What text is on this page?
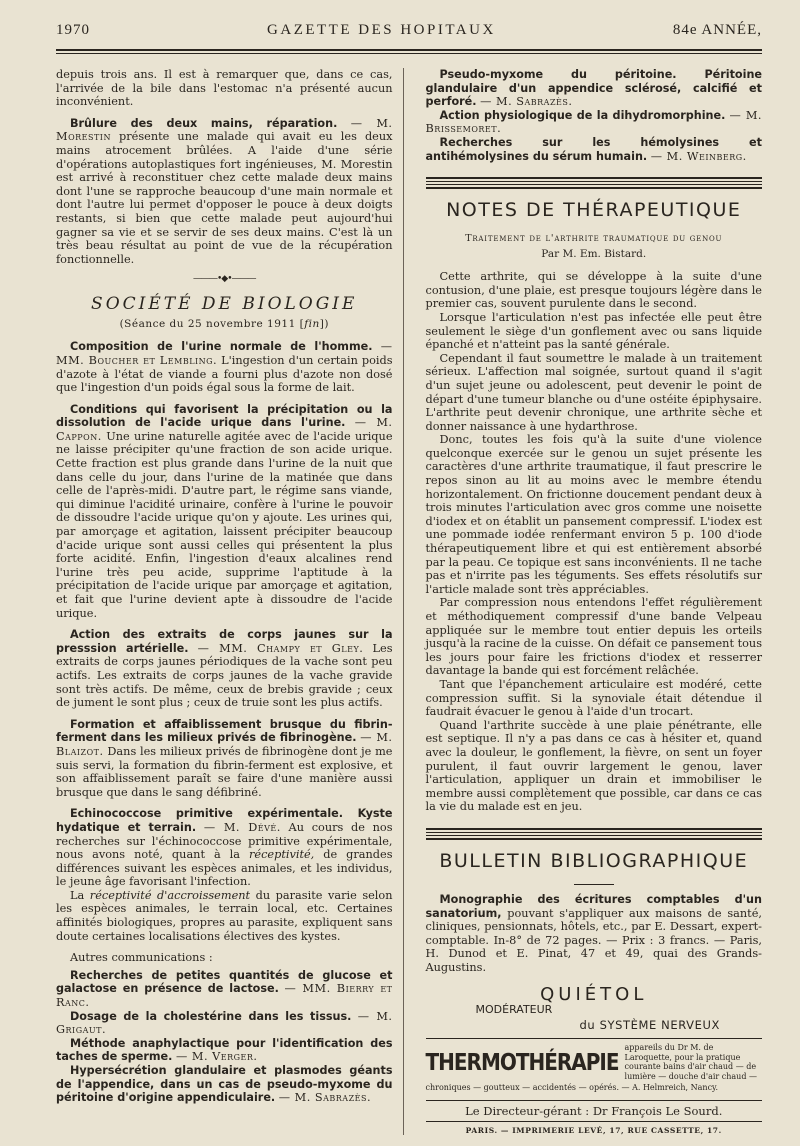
1970	GAZETTE DES HOPITAUX	84e ANNÉE,

depuis trois ans. Il est à remarquer que, dans ce cas, l'arrivée de la bile dans l'estomac n'a présenté aucun inconvénient.

Brûlure des deux mains, réparation. — M. Morestin présente une malade qui avait eu les deux mains atrocement brûlées. A l'aide d'une série d'opérations autoplastiques fort ingénieuses, M. Morestin est arrivé à reconstituer chez cette malade deux mains dont l'une se rapproche beaucoup d'une main normale et dont l'autre lui permet d'opposer le pouce à deux doigts restants, si bien que cette malade peut aujourd'hui gagner sa vie et se servir de ses deux mains. C'est là un très beau résultat au point de vue de la récupération fonctionnelle.

———•◆•———
SOCIÉTÉ DE BIOLOGIE
(Séance du 25 novembre 1911 [fin])

Composition de l'urine normale de l'homme. — MM. Boucher et Lembling. L'ingestion d'un certain poids d'azote à l'état de viande a fourni plus d'azote non dosé que l'ingestion d'un poids égal sous la forme de lait.

Conditions qui favorisent la précipitation ou la dissolution de l'acide urique dans l'urine. — M. Cappon. Une urine naturelle agitée avec de l'acide urique ne laisse précipiter qu'une fraction de son acide urique. Cette fraction est plus grande dans l'urine de la nuit que dans celle du jour, dans l'urine de la matinée que dans celle de l'après-midi. D'autre part, le régime sans viande, qui diminue l'acidité urinaire, confère à l'urine le pouvoir de dissoudre l'acide urique qu'on y ajoute. Les urines qui, par amorçage et agitation, laissent précipiter beaucoup d'acide urique sont aussi celles qui présentent la plus forte acidité. Enfin, l'ingestion d'eaux alcalines rend l'urine très peu acide, supprime l'aptitude à la précipitation de l'acide urique par amorçage et agitation, et fait que l'urine devient apte à dissoudre de l'acide urique.

Action des extraits de corps jaunes sur la presssion artérielle. — MM. Champy et Gley. Les extraits de corps jaunes périodiques de la vache sont peu actifs. Les extraits de corps jaunes de la vache gravide sont très actifs. De même, ceux de brebis gravide ; ceux de jument le sont plus ; ceux de truie sont les plus actifs.

Formation et affaiblissement brusque du fibrin-ferment dans les milieux privés de fibrinogène. — M. Blaizot. Dans les milieux privés de fibrinogène dont je me suis servi, la formation du fibrin-ferment est explosive, et son affaiblissement paraît se faire d'une manière aussi brusque que dans le sang défibriné.

Echinococcose primitive expérimentale. Kyste hydatique et terrain. — M. Dévé. Au cours de nos recherches sur l'échinococcose primitive expérimentale, nous avons noté, quant à la réceptivité, de grandes différences suivant les espèces animales, et les individus, le jeune âge favorisant l'infection.

La réceptivité d'accroissement du parasite varie selon les espèces animales, le terrain local, etc. Certaines affinités biologiques, propres au parasite, expliquent sans doute certaines localisations électives des kystes.

Autres communications :

Recherches de petites quantités de glucose et galactose en présence de lactose. — MM. Bierry et Ranc.

Dosage de la cholestérine dans les tissus. — M. Grigaut.

Méthode anaphylactique pour l'identification des taches de sperme. — M. Verger.

Hypersécrétion glandulaire et plasmodes géants de l'appendice, dans un cas de pseudo-myxome du péritoine d'origine appendiculaire. — M. Sabrazès.

Pseudo-myxome du péritoine. Péritoine glandulaire d'un appendice sclérosé, calcifié et perforé. — M. Sabrazès.

Action physiologique de la dihydromorphine. — M. Brissemoret.

Recherches sur les hémolysines et antihémolysines du sérum humain. — M. Weinberg.

NOTES DE THÉRAPEUTIQUE
Traitement de l'arthrite traumatique du genou
Par M. Em. Bistard.

Cette arthrite, qui se développe à la suite d'une contusion, d'une plaie, est presque toujours légère dans le premier cas, souvent purulente dans le second.

Lorsque l'articulation n'est pas infectée elle peut être seulement le siège d'un gonflement avec ou sans liquide épanché et n'atteint pas la santé générale.

Cependant il faut soumettre le malade à un traitement sérieux. L'affection mal soignée, surtout quand il s'agit d'un sujet jeune ou adolescent, peut devenir le point de départ d'une tumeur blanche ou d'une ostéite épiphysaire. L'arthrite peut devenir chronique, une arthrite sèche et donner naissance à une hydarthrose.

Donc, toutes les fois qu'à la suite d'une violence quelconque exercée sur le genou un sujet présente les caractères d'une arthrite traumatique, il faut prescrire le repos sinon au lit au moins avec le membre étendu horizontalement. On frictionne doucement pendant deux à trois minutes l'articulation avec gros comme une noisette d'iodex et on établit un pansement compressif. L'iodex est une pommade iodée renfermant environ 5 p. 100 d'iode thérapeutiquement libre et qui est entièrement absorbé par la peau. Ce topique est sans inconvénients. Il ne tache pas et n'irrite pas les téguments. Ses effets résolutifs sur l'article malade sont très appréciables.

Par compression nous entendons l'effet régulièrement et méthodiquement compressif d'une bande Velpeau appliquée sur le membre tout entier depuis les orteils jusqu'à la racine de la cuisse. On défait ce pansement tous les jours pour faire les frictions d'iodex et resserrer davantage la bande qui est forcément relâchée.

Tant que l'épanchement articulaire est modéré, cette compression suffit. Si la synoviale était détendue il faudrait évacuer le genou à l'aide d'un trocart.

Quand l'arthrite succède à une plaie pénétrante, elle est septique. Il n'y a pas dans ce cas à hésiter et, quand avec la douleur, le gonflement, la fièvre, on sent un foyer purulent, il faut ouvrir largement le genou, laver l'articulation, appliquer un drain et immobiliser le membre aussi complètement que possible, car dans ce cas la vie du malade est en jeu.

BULLETIN BIBLIOGRAPHIQUE

Monographie des écritures comptables d'un sanatorium, pouvant s'appliquer aux maisons de santé, cliniques, pensionnats, hôtels, etc., par E. Dessart, expert-comptable. In-8° de 72 pages. — Prix : 3 francs. — Paris, H. Dunod et E. Pinat, 47 et 49, quai des Grands-Augustins.

QUIÉTOL
MODÉRATEUR
du SYSTÈME NERVEUX
THERMOTHÉRAPIE
appareils du Dr M. de Laroquette, pour la pratique courante bains d'air chaud — de lumière — douche d'air chaud —
chroniques — goutteux — accidentés — opérés. — A. Helmreich, Nancy.
Le Directeur-gérant : Dr François Le Sourd.
PARIS. — IMPRIMERIE LEVÉ, 17, RUE CASSETTE, 17.
